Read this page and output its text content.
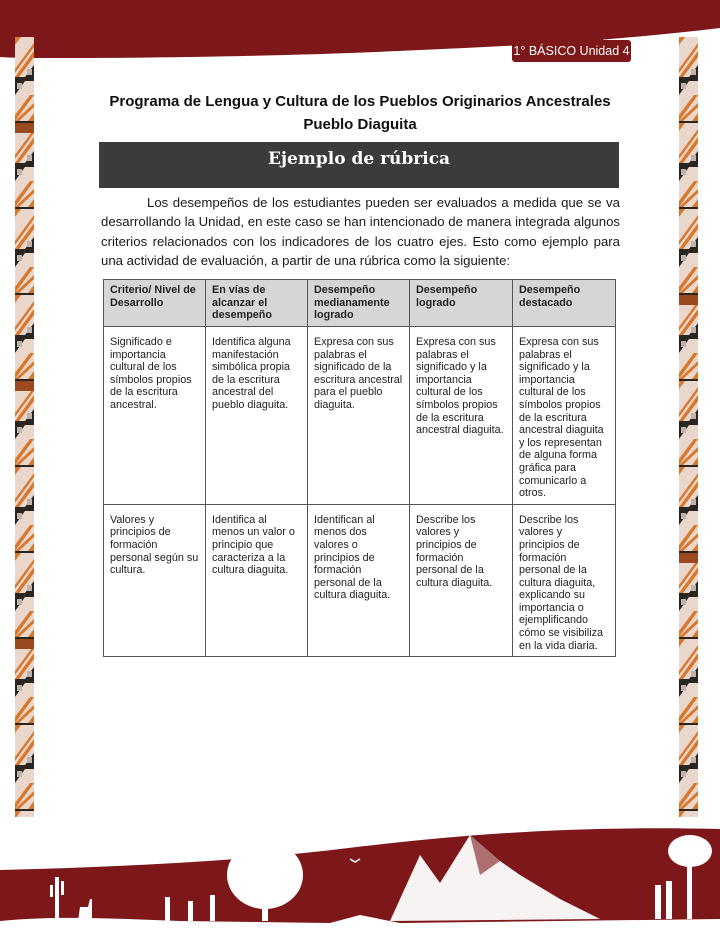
1° BÁSICO Unidad 4
Programa de Lengua y Cultura de los Pueblos Originarios Ancestrales
Pueblo Diaguita
Ejemplo de rúbrica

Los desempeños de los estudiantes pueden ser evaluados a medida que se va desarrollando la Unidad, en este caso se han intencionado de manera integrada algunos criterios relacionados con los indicadores de los cuatro ejes. Esto como ejemplo para una actividad de evaluación, a partir de una rúbrica como la siguiente:

Criterio/ Nivel de Desarrollo	En vías de alcanzar el desempeño	Desempeño medianamente logrado	Desempeño logrado	Desempeño destacado
Significado e importancia cultural de los símbolos propios de la escritura ancestral.	Identifica alguna manifestación simbólica propia de la escritura ancestral del pueblo diaguita.	Expresa con sus palabras el significado de la escritura ancestral para el pueblo diaguita.	Expresa con sus palabras el significado y la importancia cultural de los símbolos propios de la escritura ancestral diaguita.	Expresa con sus palabras el significado y la importancia cultural de los símbolos propios de la escritura ancestral diaguita y los representan de alguna forma gráfica para comunicarlo a otros.
Valores y principios de formación personal según su cultura.	Identifica al menos un valor o principio que caracteriza a la cultura diaguita.	Identifican al menos dos valores o principios de formación personal de la cultura diaguita.	Describe los valores y principios de formación personal de la cultura diaguita.	Describe los valores y principios de formación personal de la cultura diaguita, explicando su importancia o ejemplificando cómo se visibiliza en la vida diaria.
